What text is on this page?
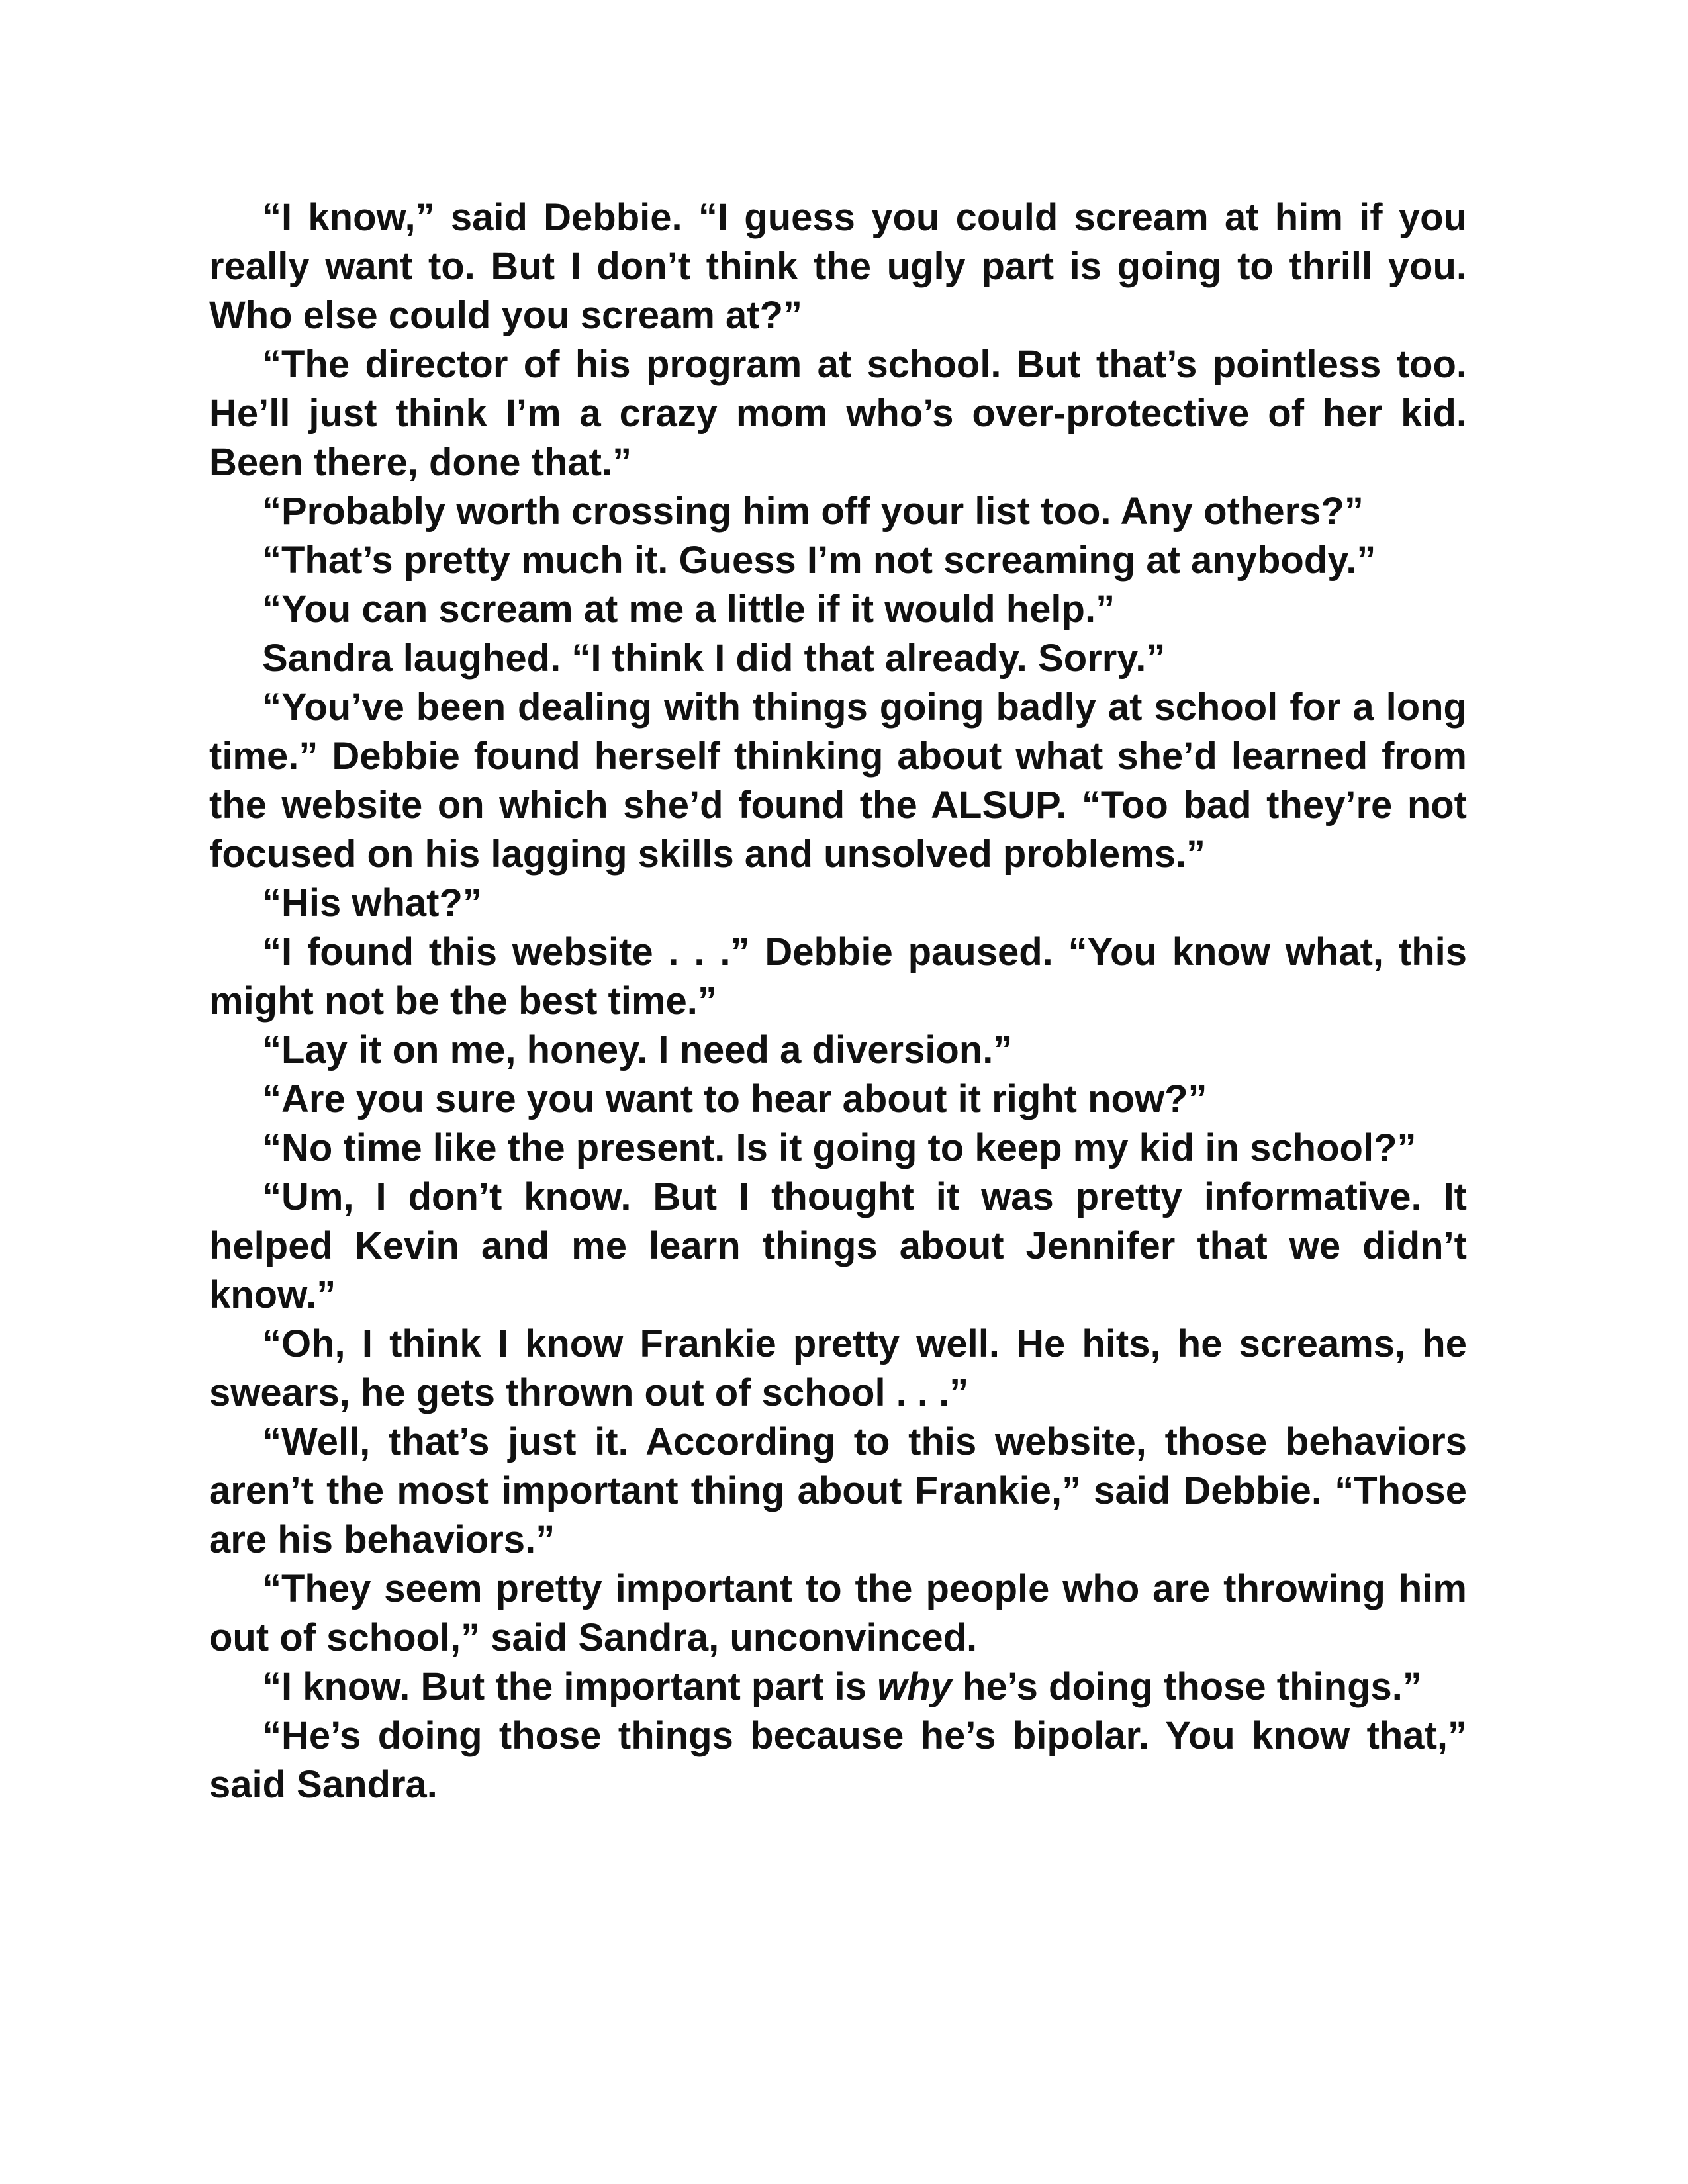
“I know,” said Debbie. “I guess you could scream at him if you really want to. But I don’t think the ugly part is going to thrill you. Who else could you scream at?”

“The director of his program at school. But that’s pointless too. He’ll just think I’m a crazy mom who’s over-protective of her kid. Been there, done that.”

“Probably worth crossing him off your list too. Any others?”

“That’s pretty much it. Guess I’m not screaming at anybody.”

“You can scream at me a little if it would help.”

Sandra laughed. “I think I did that already. Sorry.”

“You’ve been dealing with things going badly at school for a long time.” Debbie found herself thinking about what she’d learned from the website on which she’d found the ALSUP. “Too bad they’re not focused on his lagging skills and unsolved problems.”

“His what?”

“I found this website . . .” Debbie paused. “You know what, this might not be the best time.”

“Lay it on me, honey. I need a diversion.”

“Are you sure you want to hear about it right now?”

“No time like the present. Is it going to keep my kid in school?”

“Um, I don’t know. But I thought it was pretty informative. It helped Kevin and me learn things about Jennifer that we didn’t know.”

“Oh, I think I know Frankie pretty well. He hits, he screams, he swears, he gets thrown out of school . . .”

“Well, that’s just it. According to this website, those behaviors aren’t the most important thing about Frankie,” said Debbie. “Those are his behaviors.”

“They seem pretty important to the people who are throwing him out of school,” said Sandra, unconvinced.

“I know. But the important part is why he’s doing those things.”

“He’s doing those things because he’s bipolar. You know that,” said Sandra.
